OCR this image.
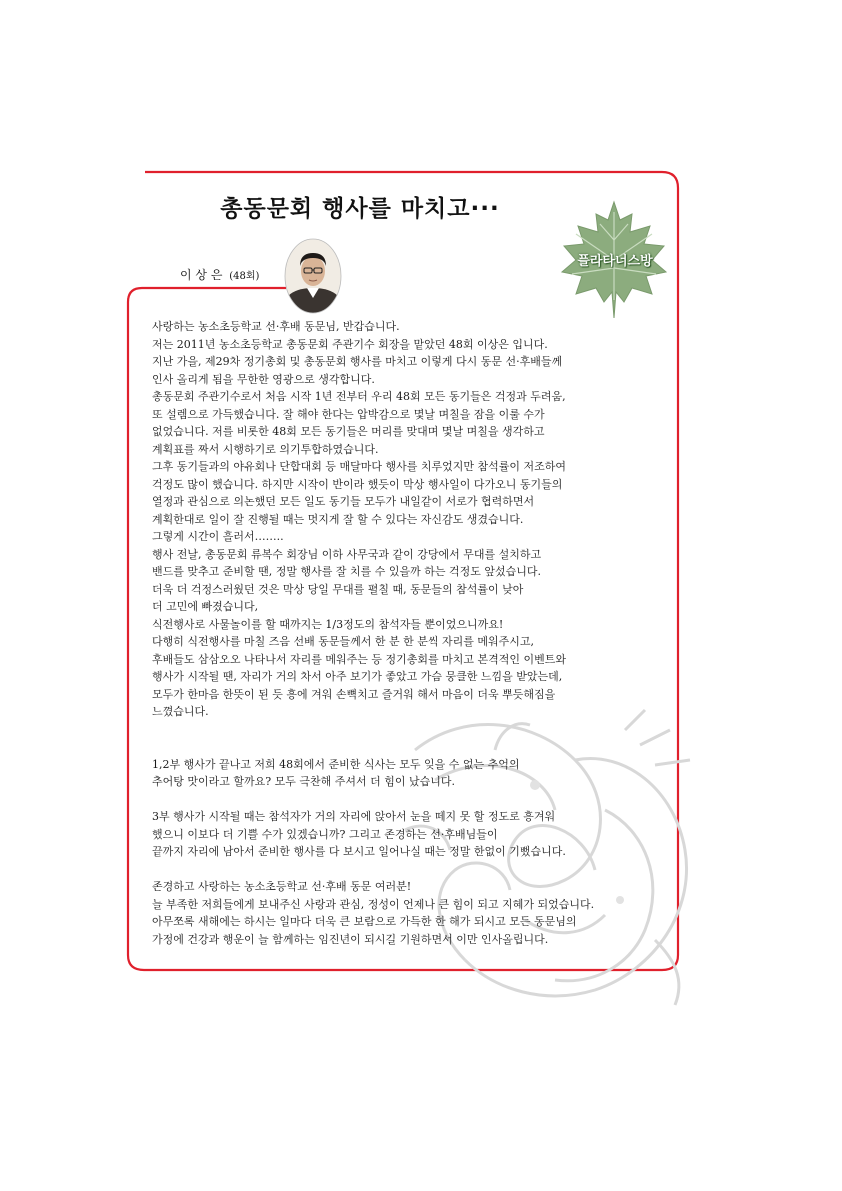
총동문회 행사를 마치고···
이 상 은 (48회)
플라타너스방

사랑하는 농소초등학교 선·후배 동문님, 반갑습니다.

저는 2011년 농소초등학교 총동문회 주관기수 회장을 맡았던 48회 이상은 입니다.

지난 가을, 제29차 정기총회 및 총동문회 행사를 마치고 이렇게 다시 동문 선·후배들께

인사 올리게 됨을 무한한 영광으로 생각합니다.

총동문회 주관기수로서 처음 시작 1년 전부터 우리 48회 모든 동기들은 걱정과 두려움,

또 설렘으로 가득했습니다. 잘 해야 한다는 압박감으로 몇날 며칠을 잠을 이룰 수가

없었습니다. 저를 비롯한 48회 모든 동기들은 머리를 맞대며 몇날 며칠을 생각하고

계획표를 짜서 시행하기로 의기투합하였습니다.

그후 동기들과의 야유회나 단합대회 등 매달마다 행사를 치루었지만 참석률이 저조하여

걱정도 많이 했습니다. 하지만 시작이 반이라 했듯이 막상 행사일이 다가오니 동기들의

열정과 관심으로 의논했던 모든 일도 동기들 모두가 내일같이 서로가 협력하면서

계획한대로 일이 잘 진행될 때는 멋지게 잘 할 수 있다는 자신감도 생겼습니다.

그렇게 시간이 흘러서……..

행사 전날, 총동문회 류복수 회장님 이하 사무국과 같이 강당에서 무대를 설치하고

밴드를 맞추고 준비할 땐, 정말 행사를 잘 치를 수 있을까 하는 걱정도 앞섰습니다.

더욱 더 걱정스러웠던 것은 막상 당일 무대를 펼칠 때, 동문들의 참석률이 낮아

더 고민에 빠졌습니다,

식전행사로 사물놀이를 할 때까지는 1/3정도의 참석자들 뿐이었으니까요!

다행히 식전행사를 마칠 즈음 선배 동문들께서 한 분 한 분씩 자리를 메워주시고,

후배들도 삼삼오오 나타나서 자리를 메워주는 등 정기총회를 마치고 본격적인 이벤트와

행사가 시작될 땐, 자리가 거의 차서 아주 보기가 좋았고 가슴 뭉클한 느낌을 받았는데,

모두가 한마음 한뜻이 된 듯 흥에 겨워 손뼉치고 즐거워 해서 마음이 더욱 뿌듯해짐을

느꼈습니다.

1,2부 행사가 끝나고 저희 48회에서 준비한 식사는 모두 잊을 수 없는 추억의

추어탕 맛이라고 할까요? 모두 극찬해 주셔서 더 힘이 났습니다.

3부 행사가 시작될 때는 참석자가 거의 자리에 앉아서 눈을 떼지 못 할 정도로 흥겨워

했으니 이보다 더 기쁠 수가 있겠습니까? 그리고 존경하는 선·후배님들이

끝까지 자리에 남아서 준비한 행사를 다 보시고 일어나실 때는 정말 한없이 기뻤습니다.

존경하고 사랑하는 농소초등학교 선·후배 동문 여러분!

늘 부족한 저희들에게 보내주신 사랑과 관심, 정성이 언제나 큰 힘이 되고 지혜가 되었습니다.

아무쪼록 새해에는 하시는 일마다 더욱 큰 보람으로 가득한 한 해가 되시고 모든 동문님의

가정에 건강과 행운이 늘 함께하는 임진년이 되시길 기원하면서 이만 인사올립니다.
